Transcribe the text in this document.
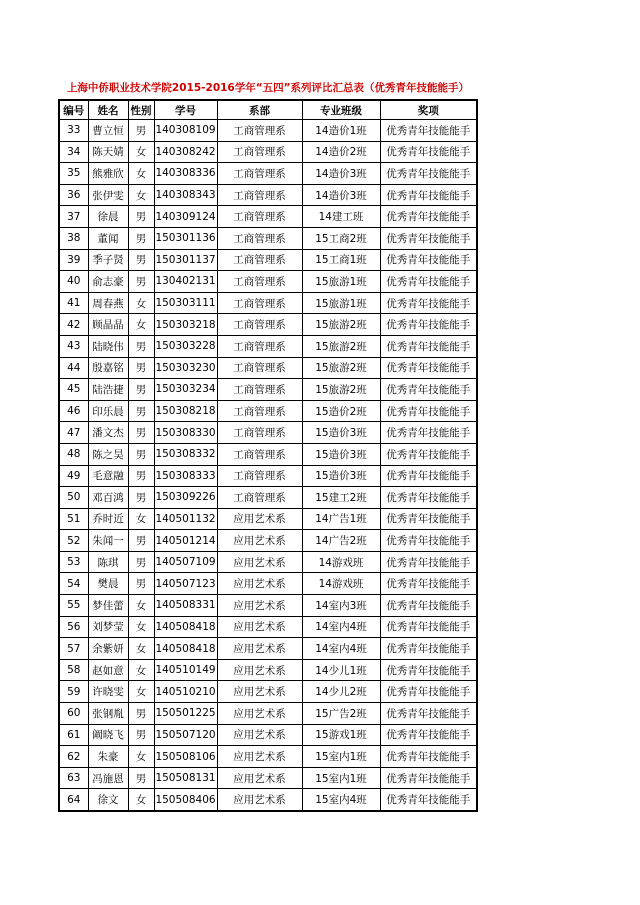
上海中侨职业技术学院2015-2016学年“五四”系列评比汇总表（优秀青年技能能手）
编号	姓名	性别	学号	系部	专业班级	奖项
33	曹立恒	男	140308109	工商管理系	14造价1班	优秀青年技能能手
34	陈天婧	女	140308242	工商管理系	14造价2班	优秀青年技能能手
35	熊雅欣	女	140308336	工商管理系	14造价3班	优秀青年技能能手
36	张伊雯	女	140308343	工商管理系	14造价3班	优秀青年技能能手
37	徐晨	男	140309124	工商管理系	14建工班	优秀青年技能能手
38	董闻	男	150301136	工商管理系	15工商2班	优秀青年技能能手
39	季子贤	男	150301137	工商管理系	15工商1班	优秀青年技能能手
40	俞志豪	男	130402131	工商管理系	15旅游1班	优秀青年技能能手
41	周春燕	女	150303111	工商管理系	15旅游1班	优秀青年技能能手
42	顾晶晶	女	150303218	工商管理系	15旅游2班	优秀青年技能能手
43	陆晓伟	男	150303228	工商管理系	15旅游2班	优秀青年技能能手
44	殷嘉铭	男	150303230	工商管理系	15旅游2班	优秀青年技能能手
45	陆浩捷	男	150303234	工商管理系	15旅游2班	优秀青年技能能手
46	印乐晨	男	150308218	工商管理系	15造价2班	优秀青年技能能手
47	潘文杰	男	150308330	工商管理系	15造价3班	优秀青年技能能手
48	陈之昊	男	150308332	工商管理系	15造价3班	优秀青年技能能手
49	毛意融	男	150308333	工商管理系	15造价3班	优秀青年技能能手
50	邓百鸿	男	150309226	工商管理系	15建工2班	优秀青年技能能手
51	乔时近	女	140501132	应用艺术系	14广告1班	优秀青年技能能手
52	朱闻一	男	140501214	应用艺术系	14广告2班	优秀青年技能能手
53	陈琪	男	140507109	应用艺术系	14游戏班	优秀青年技能能手
54	樊晨	男	140507123	应用艺术系	14游戏班	优秀青年技能能手
55	梦佳蕾	女	140508331	应用艺术系	14室内3班	优秀青年技能能手
56	刘梦莹	女	140508418	应用艺术系	14室内4班	优秀青年技能能手
57	余紫妍	女	140508418	应用艺术系	14室内4班	优秀青年技能能手
58	赵如意	女	140510149	应用艺术系	14少儿1班	优秀青年技能能手
59	许晓雯	女	140510210	应用艺术系	14少儿2班	优秀青年技能能手
60	张钢胤	男	150501225	应用艺术系	15广告2班	优秀青年技能能手
61	阚晓飞	男	150507120	应用艺术系	15游戏1班	优秀青年技能能手
62	朱豪	女	150508106	应用艺术系	15室内1班	优秀青年技能能手
63	冯施恩	男	150508131	应用艺术系	15室内1班	优秀青年技能能手
64	徐文	女	150508406	应用艺术系	15室内4班	优秀青年技能能手
